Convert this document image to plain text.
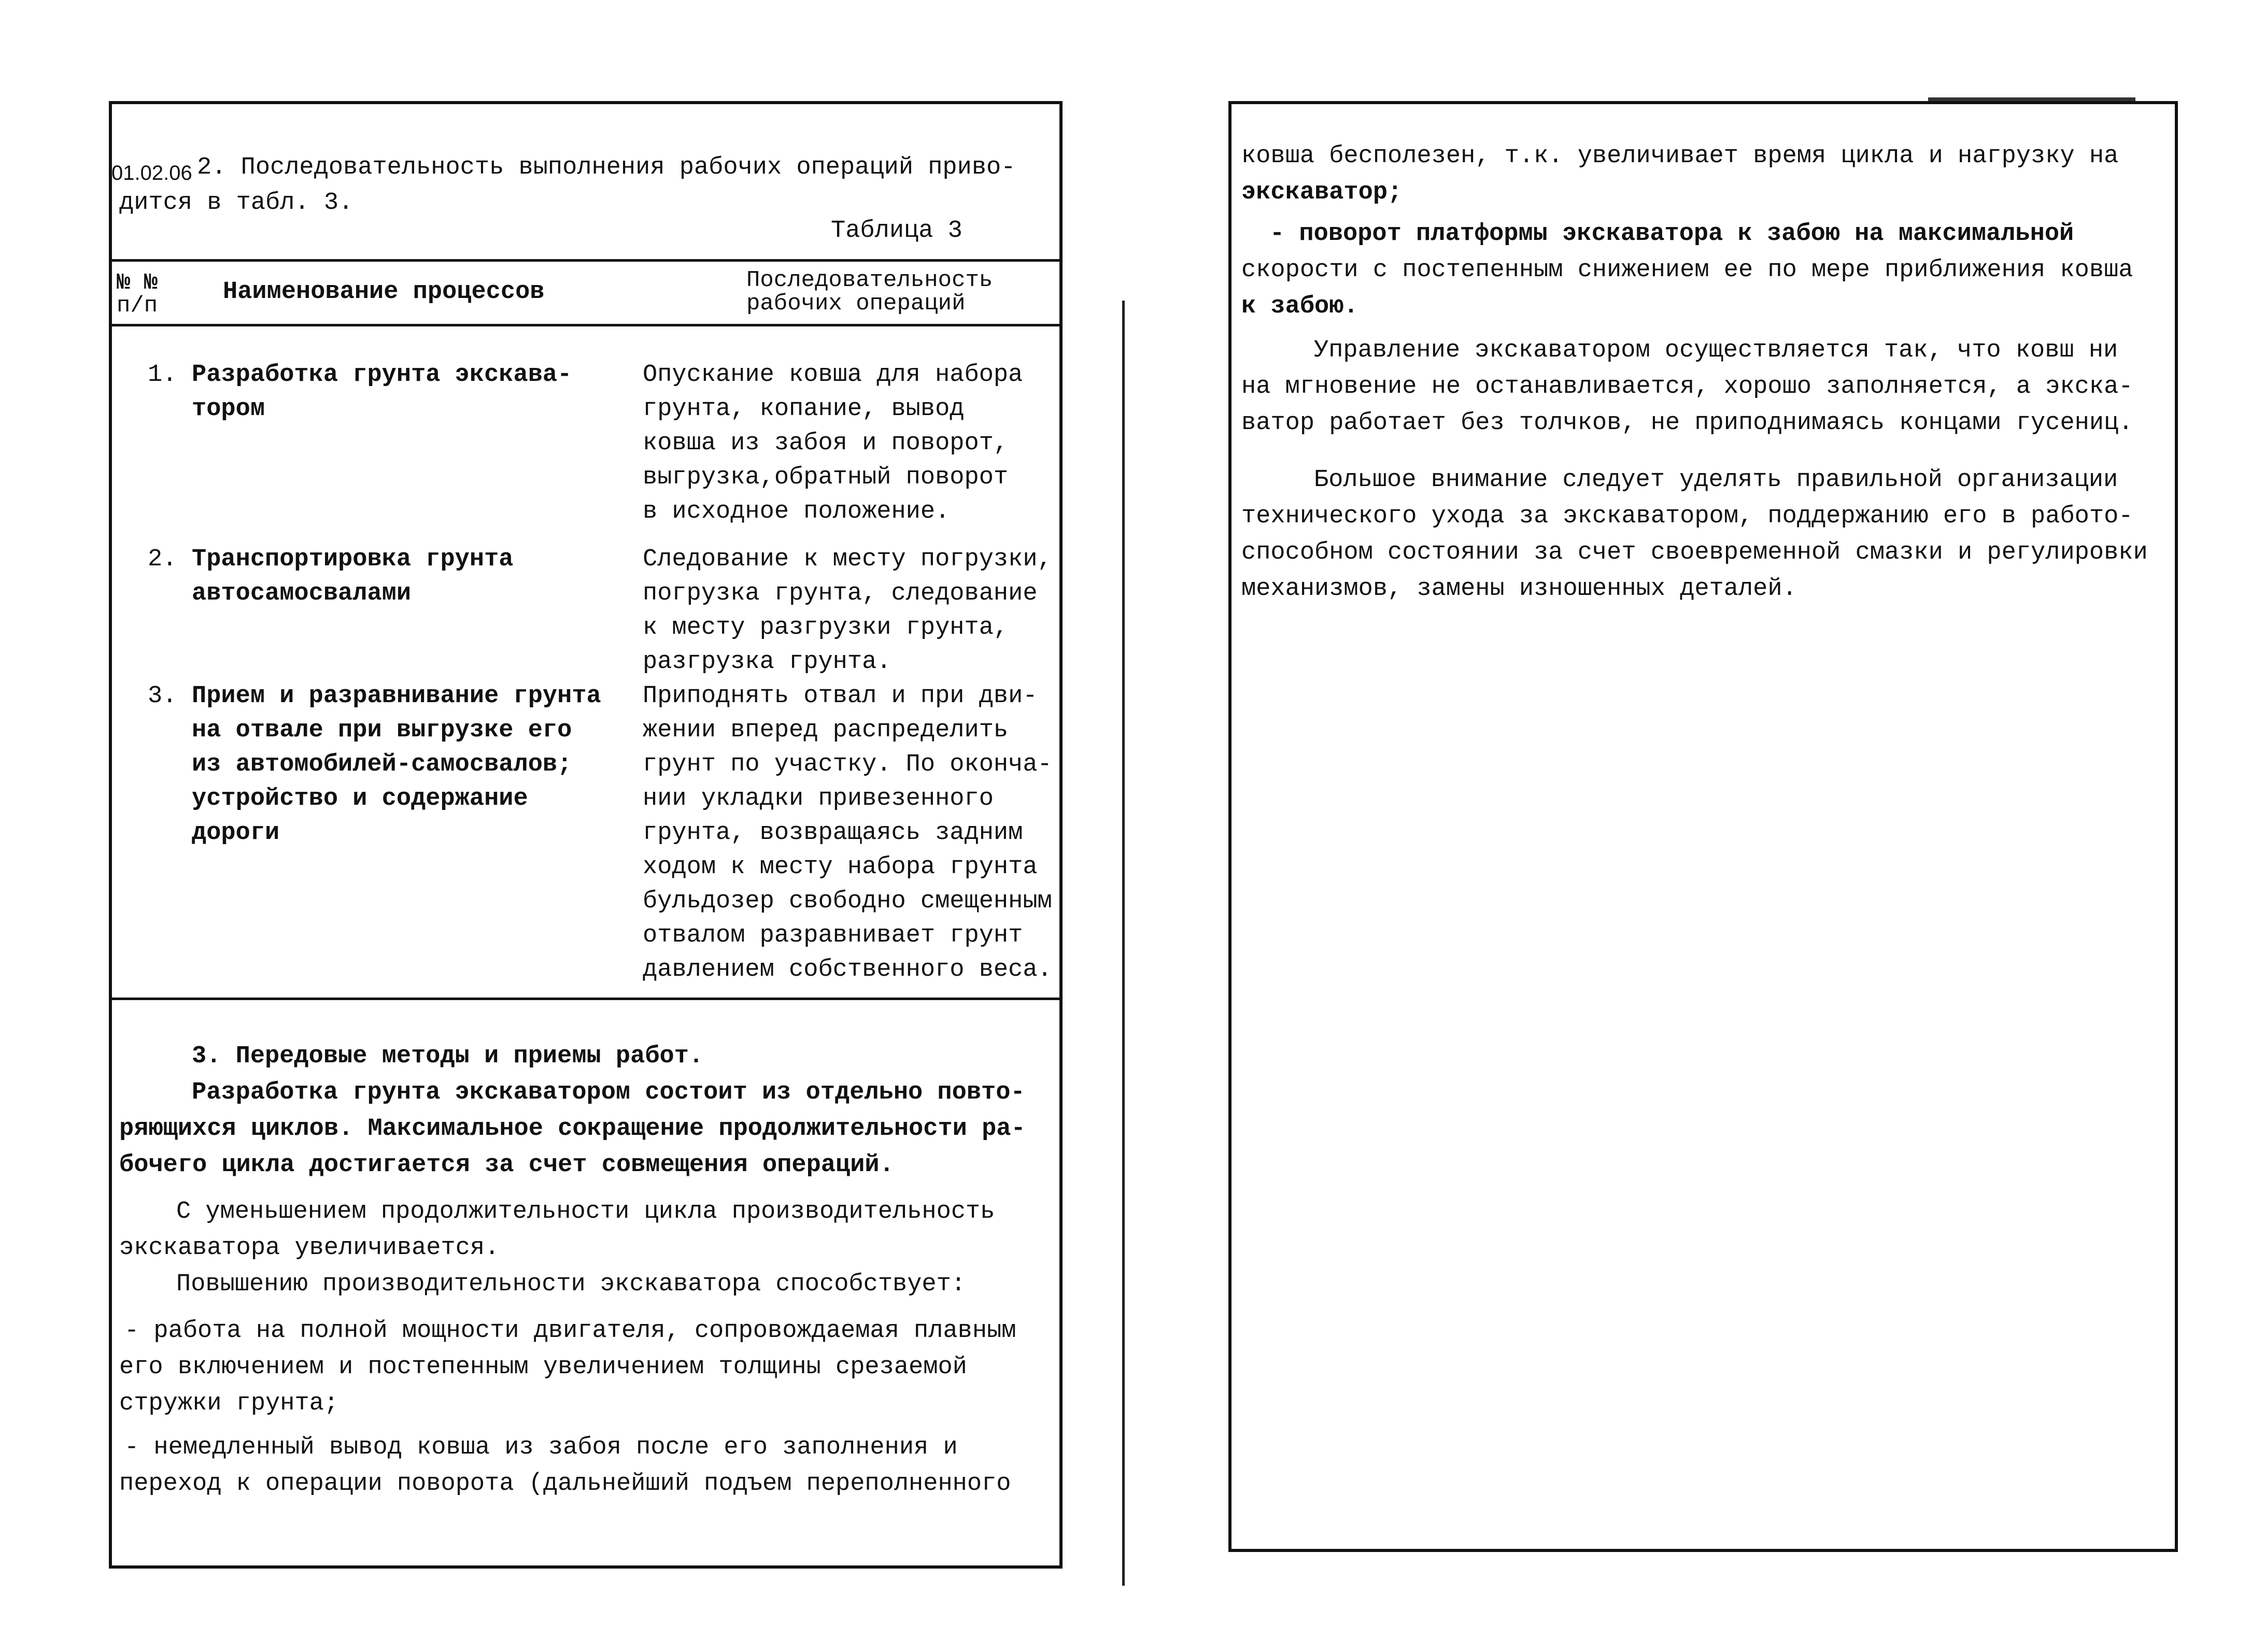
01.02.06 2. Последовательность выполнения рабочих операций приво-
дится в табл. 3.
Таблица 3
№ №
п/п	Наименование процессов	Последовательность
рабочих операций
1. Разработка грунта экскава-
тором
Опускание ковша для набора
грунта, копание, вывод
ковша из забоя и поворот,
выгрузка,обратный поворот
в исходное положение.
2. Транспортировка грунта
автосамосвалами
Следование к месту погрузки,
погрузка грунта, следование
к месту разгрузки грунта,
разгрузка грунта.
3. Прием и разравнивание грунта
на отвале при выгрузке его
из автомобилей-самосвалов;
устройство и содержание
дороги
Приподнять отвал и при дви-
жении вперед распределить
грунт по участку. По оконча-
нии укладки привезенного
грунта, возвращаясь задним
ходом к месту набора грунта
бульдозер свободно смещенным
отвалом разравнивает грунт
давлением собственного веса.
3. Передовые методы и приемы работ.
Разработка грунта экскаватором состоит из отдельно повто-
ряющихся циклов. Максимальное сокращение продолжительности ра-
бочего цикла достигается за счет совмещения операций.
С уменьшением продолжительности цикла производительность
экскаватора увеличивается.
Повышению производительности экскаватора способствует:
- работа на полной мощности двигателя, сопровождаемая плавным
его включением и постепенным увеличением толщины срезаемой
стружки грунта;
- немедленный вывод ковша из забоя после его заполнения и
переход к операции поворота (дальнейший подъем переполненного
ковша бесполезен, т.к. увеличивает время цикла и нагрузку на
экскаватор;
- поворот платформы экскаватора к забою на максимальной
скорости с постепенным снижением ее по мере приближения ковша
к забою.
Управление экскаватором осуществляется так, что ковш ни
на мгновение не останавливается, хорошо заполняется, а экска-
ватор работает без толчков, не приподнимаясь концами гусениц.
Большое внимание следует уделять правильной организации
технического ухода за экскаватором, поддержанию его в работо-
способном состоянии за счет своевременной смазки и регулировки
механизмов, замены изношенных деталей.
